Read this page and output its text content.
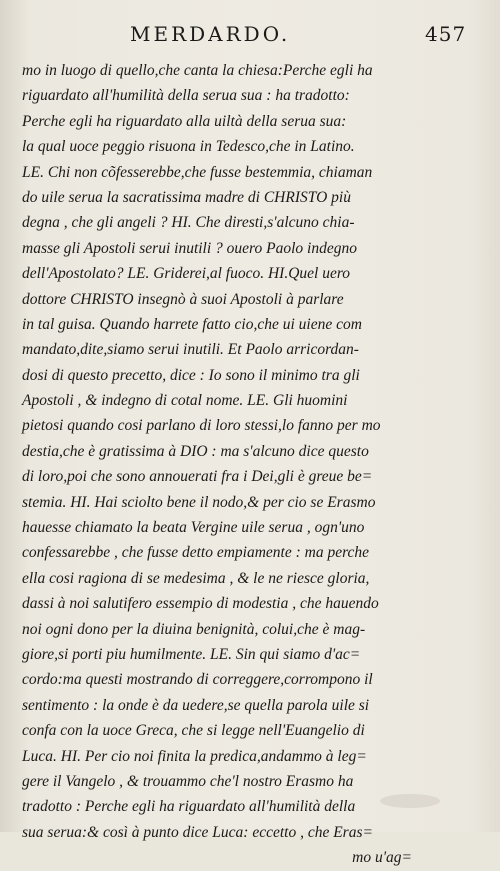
MERDARDO.	457
mo in luogo di quello,che canta la chiesa:Perche egli ha
riguardato all'humilità della serua sua : ha tradotto:
Perche egli ha riguardato alla uiltà della serua sua:
la qual uoce peggio risuona in Tedesco,che in Latino.
LE. Chi non cõfesserebbe,che fusse bestemmia, chiaman
do uile serua la sacratissima madre di CHRISTO più
degna , che gli angeli ? HI. Che diresti,s'alcuno chia-
masse gli Apostoli serui inutili ? ouero Paolo indegno
dell'Apostolato? LE. Griderei,al fuoco. HI.Quel uero
dottore CHRISTO insegnò à suoi Apostoli à parlare
in tal guisa. Quando harrete fatto cio,che ui uiene com
mandato,dite,siamo serui inutili. Et Paolo arricordan-
dosi di questo precetto, dice : Io sono il minimo tra gli
Apostoli , & indegno di cotal nome. LE. Gli huomini
pietosi quando cosi parlano di loro stessi,lo fanno per mo
destia,che è gratissima à DIO : ma s'alcuno dice questo
di loro,poi che sono annouerati fra i Dei,gli è greue be=
stemia. HI. Hai sciolto bene il nodo,& per cio se Erasmo
hauesse chiamato la beata Vergine uile serua , ogn'uno
confessarebbe , che fusse detto empiamente : ma perche
ella cosi ragiona di se medesima , & le ne riesce gloria,
dassi à noi salutifero essempio di modestia , che hauendo
noi ogni dono per la diuina benignità, colui,che è mag-
giore,si porti piu humilmente. LE. Sin qui siamo d'ac=
cordo:ma questi mostrando di correggere,corrompono il
sentimento : la onde è da uedere,se quella parola uile si
confa con la uoce Greca, che si legge nell'Euangelio di
Luca. HI. Per cio noi finita la predica,andammo à leg=
gere il Vangelo , & trouammo che'l nostro Erasmo ha
tradotto : Perche egli ha riguardato all'humilità della
sua serua:& così à punto dice Luca: eccetto , che Eras=
mo u'ag=
